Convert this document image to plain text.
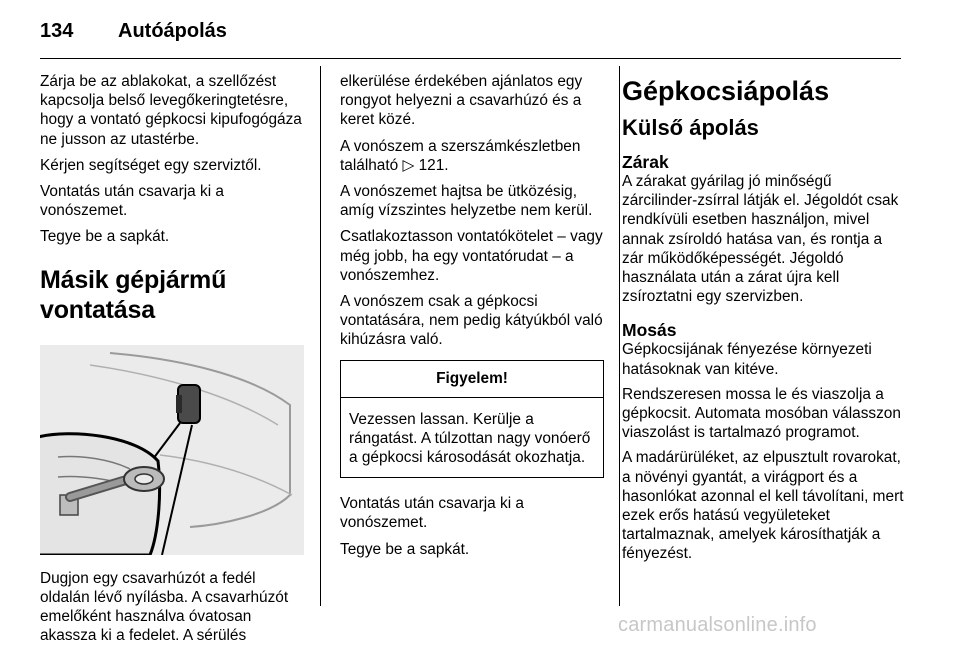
134 Autóápolás

Zárja be az ablakokat, a szellőzést kapcsolja belső levegőkeringtetésre, hogy a vontató gépkocsi kipufogógáza ne jusson az utastérbe.

Kérjen segítséget egy szerviztől.

Vontatás után csavarja ki a vonószemet.

Tegye be a sapkát.

Másik gépjármű vontatása

Dugjon egy csavarhúzót a fedél oldalán lévő nyílásba. A csavarhúzót emelőként használva óvatosan akassza ki a fedelet. A sérülés

elkerülése érdekében ajánlatos egy rongyot helyezni a csavarhúzó és a keret közé.

A vonószem a szerszámkészletben található ▷ 121.

A vonószemet hajtsa be ütközésig, amíg vízszintes helyzetbe nem kerül.

Csatlakoztasson vontatókötelet – vagy még jobb, ha egy vontatórudat – a vonószemhez.

A vonószem csak a gépkocsi vontatására, nem pedig kátyúkból való kihúzásra való.

Figyelem!
Vezessen lassan. Kerülje a rángatást. A túlzottan nagy vonóerő a gépkocsi károsodását okozhatja.

Vontatás után csavarja ki a vonószemet.

Tegye be a sapkát.

Gépkocsiápolás
Külső ápolás
Zárak

A zárakat gyárilag jó minőségű zárcilinder-zsírral látják el. Jégoldót csak rendkívüli esetben használjon, mivel annak zsíroldó hatása van, és rontja a zár működőképességét. Jégoldó használata után a zárat újra kell zsíroztatni egy szervizben.

Mosás

Gépkocsijának fényezése környezeti hatásoknak van kitéve.

Rendszeresen mossa le és viaszolja a gépkocsit. Automata mosóban válasszon viaszolást is tartalmazó programot.

A madárürüléket, az elpusztult rovarokat, a növényi gyantát, a virágport és a hasonlókat azonnal el kell távolítani, mert ezek erős hatású vegyületeket tartalmaznak, amelyek károsíthatják a fényezést.

carmanualsonline.info
